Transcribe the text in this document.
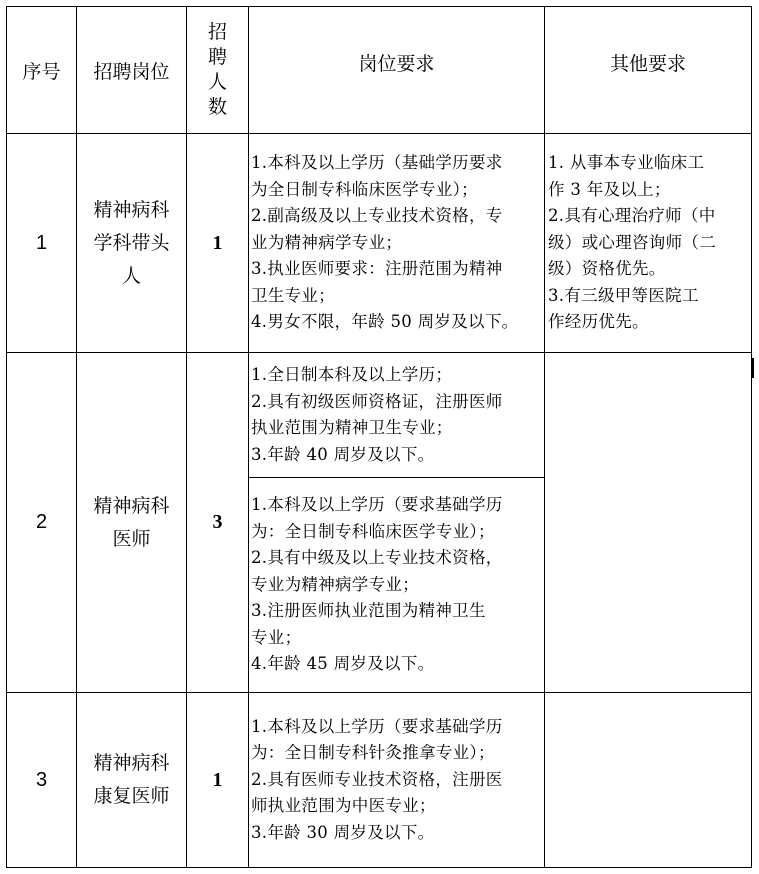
序号	招聘岗位
招
聘
人
数
岗位要求	其他要求
1
精神病科
学科带头
人
1
1.本科及以上学历（基础学历要求
为全日制专科临床医学专业）；
2.副高级及以上专业技术资格，专
业为精神病学专业；
3.执业医师要求：注册范围为精神
卫生专业；
4.男女不限，年龄 50 周岁及以下。
1. 从事本专业临床工
作 3 年及以上；
2.具有心理治疗师（中
级）或心理咨询师（二
级）资格优先。
3.有三级甲等医院工
作经历优先。
2
精神病科
医师
3
1.全日制本科及以上学历；
2.具有初级医师资格证，注册医师
执业范围为精神卫生专业；
3.年龄 40 周岁及以下。
1.本科及以上学历（要求基础学历
为：全日制专科临床医学专业）；
2.具有中级及以上专业技术资格，
专业为精神病学专业；
3.注册医师执业范围为精神卫生
专业；
4.年龄 45 周岁及以下。
3
精神病科
康复医师
1
1.本科及以上学历（要求基础学历
为：全日制专科针灸推拿专业）；
2.具有医师专业技术资格，注册医
师执业范围为中医专业；
3.年龄 30 周岁及以下。
